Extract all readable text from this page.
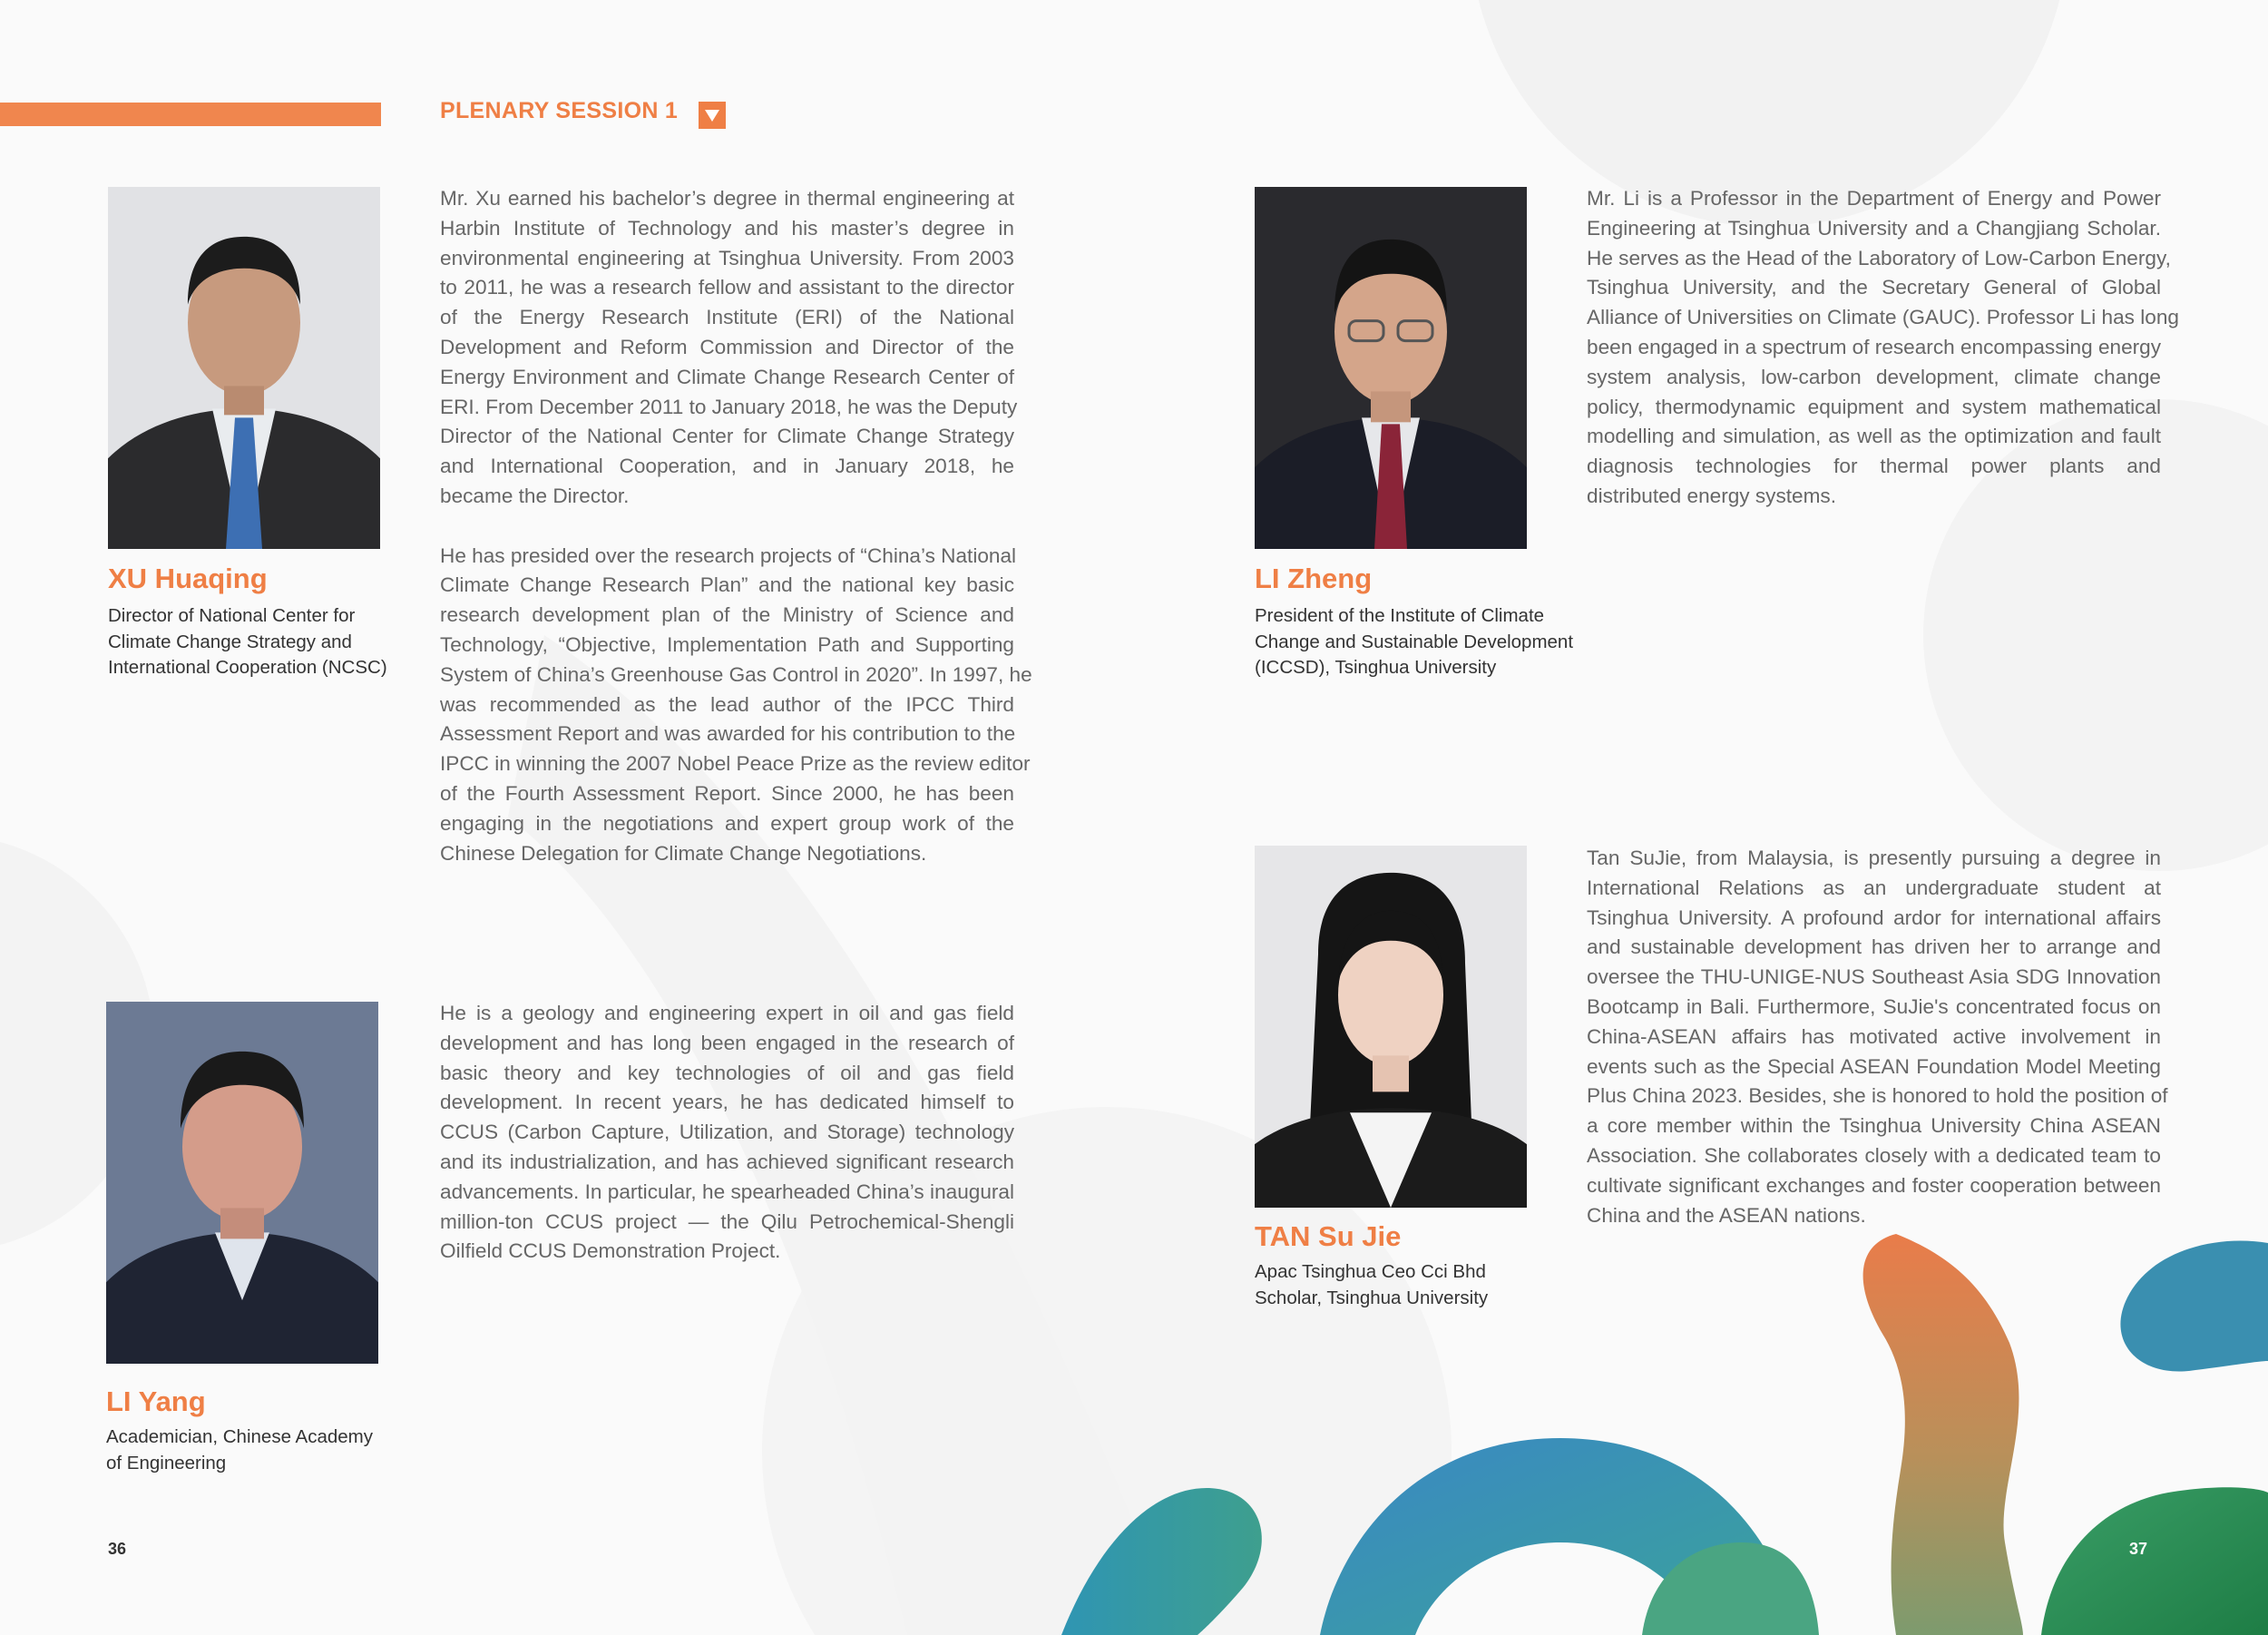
PLENARY SESSION 1
XU Huaqing
Director of National Center for
Climate Change Strategy and
International Cooperation (NCSC)
Mr. Xu earned his bachelor’s degree in thermal engineering at
Harbin Institute of Technology and his master’s degree in
environmental engineering at Tsinghua University. From 2003
to 2011, he was a research fellow and assistant to the director
of the Energy Research Institute (ERI) of the National
Development and Reform Commission and Director of the
Energy Environment and Climate Change Research Center of
ERI. From December 2011 to January 2018, he was the Deputy
Director of the National Center for Climate Change Strategy
and International Cooperation, and in January 2018, he
became the Director.
He has presided over the research projects of “China’s National
Climate Change Research Plan” and the national key basic
research development plan of the Ministry of Science and
Technology, “Objective, Implementation Path and Supporting
System of China’s Greenhouse Gas Control in 2020”. In 1997, he
was recommended as the lead author of the IPCC Third
Assessment Report and was awarded for his contribution to the
IPCC in winning the 2007 Nobel Peace Prize as the review editor
of the Fourth Assessment Report. Since 2000, he has been
engaging in the negotiations and expert group work of the
Chinese Delegation for Climate Change Negotiations.
LI Yang
Academician, Chinese Academy
of Engineering
He is a geology and engineering expert in oil and gas field
development and has long been engaged in the research of
basic theory and key technologies of oil and gas field
development. In recent years, he has dedicated himself to
CCUS (Carbon Capture, Utilization, and Storage) technology
and its industrialization, and has achieved significant research
advancements. In particular, he spearheaded China’s inaugural
million-ton CCUS project — the Qilu Petrochemical-Shengli
Oilfield CCUS Demonstration Project.
LI Zheng
President of the Institute of Climate
Change and Sustainable Development
(ICCSD), Tsinghua University
Mr. Li is a Professor in the Department of Energy and Power
Engineering at Tsinghua University and a Changjiang Scholar.
He serves as the Head of the Laboratory of Low-Carbon Energy,
Tsinghua University, and the Secretary General of Global
Alliance of Universities on Climate (GAUC). Professor Li has long
been engaged in a spectrum of research encompassing energy
system analysis, low-carbon development, climate change
policy, thermodynamic equipment and system mathematical
modelling and simulation, as well as the optimization and fault
diagnosis technologies for thermal power plants and
distributed energy systems.
TAN Su Jie
Apac Tsinghua Ceo Cci Bhd
Scholar, Tsinghua University
Tan SuJie, from Malaysia, is presently pursuing a degree in
International Relations as an undergraduate student at
Tsinghua University. A profound ardor for international affairs
and sustainable development has driven her to arrange and
oversee the THU-UNIGE-NUS Southeast Asia SDG Innovation
Bootcamp in Bali. Furthermore, SuJie's concentrated focus on
China-ASEAN affairs has motivated active involvement in
events such as the Special ASEAN Foundation Model Meeting
Plus China 2023. Besides, she is honored to hold the position of
a core member within the Tsinghua University China ASEAN
Association. She collaborates closely with a dedicated team to
cultivate significant exchanges and foster cooperation between
China and the ASEAN nations.
36	37
